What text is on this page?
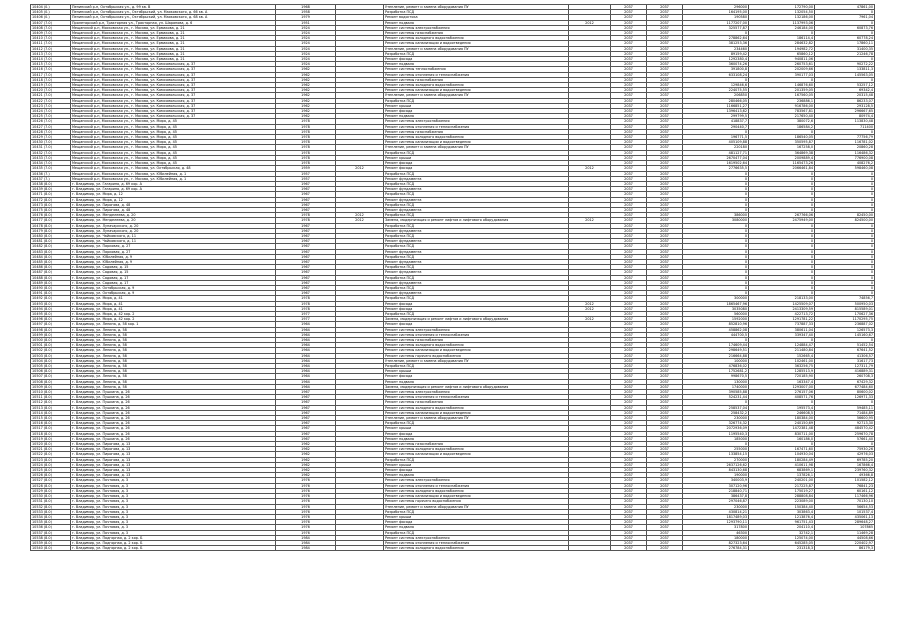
10404 (0.)	Пенинский р-н, Октябрьская ул., д. 99 кв. В	1968		Утепление, ремонт и замена оборудования ПУ		2037	2037	296000	172790,00	47861,00
10405 (0.)	Пенинский р-н, Октябрьская ул., Октябрьский, ул. Маяковского, д. 66 кв. А	1958		Разработка ПСД		2037	2037	164195,00	132054,50	0
10406 (0.)	Пенинский р-н, Октябрьская ул., Октябрьский, ул. Маяковского, д. 68 кв. А	1979		Ремонт водостока		2037	2037	190580	132186,00	7961,04
10407 (7.0)	Пролетарский р-н, Тракторная ул., Тракторная, ул. Шарапова, д. 6	1951		Ремонт подвала	2012	2037	2037	1177207,00	1137993,06	0
10408 (7.0)	Мещанский р-н, Московская ул., г. Москва, ул. Ермакова, д. 21	1924		Ремонт системы электроснабжения		2037	2037	325577,87	246184,00	60873,76
10409 (7.0)	Мещанский р-н, Московская ул., г. Москва, ул. Ермакова, д. 21	1924		Ремонт системы газоснабжения		2037	2037	0	0	0
10410 (7.0)	Мещанский р-н, Московская ул., г. Москва, ул. Ермакова, д. 21	1924		Ремонт системы холодного водоснабжения		2037	2037	278862,64	186114,4	60778,24
10411 (7.0)	Мещанский р-н, Московская ул., г. Москва, ул. Ермакова, д. 21	1924		Ремонт системы канализации и водоотведения		2037	2037	381253,36	284632,82	17860,11
10412 (7.0)	Мещанский р-н, Московская ул., г. Москва, ул. Ермакова, д. 21	1924		Утепление, ремонт и замена оборудования ПУ		2037	2037	234460	194982,72	31400,35
10413 (7.0)	Мещанский р-н, Московская ул., г. Москва, ул. Ермакова, д. 21	1924		Разработка ПСД		2037	2037	89159,42	65860,12	21246,78
10414 (7.0)	Мещанский р-н, Московская ул., г. Москва, ул. Ермакова, д. 21	1924		Ремонт фасада		2037	2037	1292380,4	940811,06	0
10415 (7.0)	Мещанский р-н, Московская ул., г. Москва, ул. Комсомольская, д. 37	1924		Ремонт подвала		2037	2037	360074,26	260753,61	90272,22
10416 (7.0)	Мещанский р-н, Московская ул., г. Москва, ул. Комсомольская, д. 37	1962		Ремонт системы теплоснабжения		2037	2037	391800,8	202009,66	133811,3
10417 (7.0)	Мещанский р-н, Московская ул., г. Москва, ул. Комсомольская, д. 37	1962		Ремонт системы отопления и теплоснабжения		2037	2037	633108,24	390177,03	145563,05
10418 (7.0)	Мещанский р-н, Московская ул., г. Москва, ул. Комсомольская, д. 37	1962		Ремонт системы газоснабжения		2037	2037	0	0	0
10419 (7.0)	Мещанский р-н, Московская ул., г. Москва, ул. Комсомольская, д. 37	1962		Ремонт системы холодного водоснабжения		2037	2037	129846,6	146876,60	53257,12
10420 (7.0)	Мещанский р-н, Московская ул., г. Москва, ул. Комсомольская, д. 37	1962		Ремонт системы канализации и водоотведения		2037	2037	224075,55	201359,05	69342,4
10421 (7.0)	Мещанский р-н, Московская ул., г. Москва, ул. Комсомольская, д. 37	1962		Утепление, ремонт и замена оборудования ПУ		2037	2037	206850	167560,05	20315,48
10422 (7.0)	Мещанский р-н, Московская ул., г. Москва, ул. Комсомольская, д. 37	1962		Разработка ПСД		2037	2037	280466,05	236886,1	86233,07
10423 (7.0)	Мещанский р-н, Московская ул., г. Москва, ул. Комсомольская, д. 37	1962		Ремонт крыши		2037	2037	1166851,27	916786,00	293128,5
10424 (7.0)	Мещанский р-н, Московская ул., г. Москва, ул. Комсомольская, д. 37	1962		Ремонт фасада		2037	2037	1396413,62	783567,81	296667,65
10425 (7.0)	Мещанский р-н, Московская ул., г. Москва, ул. Комсомольская, д. 37	1962		Ремонт подвала		2037	2037	299799,5	217650,40	80974,4
10426 (7.0)	Мещанский р-н, Московская ул., г. Москва, ул. Мира, д. 45	1978		Ремонт системы электроснабжения		2037	2037	418837,7	380072,6	113830,48
10427 (7.0)	Мещанский р-н, Московская ул., г. Москва, ул. Мира, д. 45	1978		Ремонт системы отопления и теплоснабжения		2037	2037	290440,7	186584,2	711400
10428 (7.0)	Мещанский р-н, Московская ул., г. Москва, ул. Мира, д. 45	1978		Ремонт системы газоснабжения		2037	2037	0	0	0
10429 (7.0)	Мещанский р-н, Московская ул., г. Москва, ул. Мира, д. 45	1978		Ремонт системы холодного водоснабжения		2037	2037	196771,5	186540,05	77756,79
10430 (7.0)	Мещанский р-н, Московская ул., г. Москва, ул. Мира, д. 45	1978		Ремонт системы канализации и водоотведения		2037	2037	405109,88	350595,87	116781,02
10431 (7.0)	Мещанский р-н, Московская ул., г. Москва, ул. Мира, д. 45	1978		Утепление, ремонт и замена оборудования ПУ		2037	2037	220180	167258,0	20860,28
10432 (7.0)	Мещанский р-н, Московская ул., г. Москва, ул. Мира, д. 45	1978		Разработка ПСД		2037	2037	481127,71	364869,38	116486,32
10433 (7.0)	Мещанский р-н, Московская ул., г. Москва, ул. Мира, д. 45	1978		Ремонт крыши		2037	2037	2670477,04	2009889,4	776900,08
10434 (7.0)	Мещанский р-н, Московская ул., г. Москва, ул. Мира, д. 45	1978		Ремонт фасада		2037	2037	1619502,64	1165473,26	408276,2
10435 (7.0)	Мещанский р-н, Московская ул., г. Москва, ул. Октябрьская, д. 48	1959	2012	Ремонт фасада	2012	2037	2037	2776635,5	2066461,84	598460,08
10436 (7.)	Мещанский р-н, Московская ул., г. Москва, ул. Юбилейная, д. 1	1957		Разработка ПСД		2037	2037	0	0	0
10437 (7.)	Мещанский р-н, Московская ул., г. Москва, ул. Юбилейная, д. 1	1957		Ремонт фундамента		2037	2037	0	0	0
10438 (8.0)	г. Владимир, ул. Гагарина, д. 69 кор. А	1967		Разработка ПСД		2037	2037	0	0	0
10439 (8.0)	г. Владимир, ул. Гагарина, д. 69 кор. А	1967		Ремонт фундамента		2037	2037	0	0	0
10471 (8.0)	г. Владимир, ул. Мира, д. 12	1967		Разработка ПСД		2037	2037	0	0	0
10472 (8.0)	г. Владимир, ул. Мира, д. 12	1967		Ремонт фундамента		2037	2037	0	0	0
10473 (8.0)	г. Владимир, ул. Пирогова, д. 48	1967		Разработка ПСД		2037	2037	0	0	0
10475 (8.0)	г. Владимир, ул. Пирогова, д. 48	1967		Ремонт фундамента		2037	2037	0	0	0
10476 (8.0)	г. Владимир, ул. Менделеева, д. 20	1978	2012	Разработка ПСД		2037	2037	386000	267766,06	82450,00
10477 (8.0)	г. Владимир, ул. Менделеева, д. 20	1978	2012	Замена, модернизация и ремонт лифтов и лифтового оборудования	2012	2037	2037	3080000	2475949,00	824500,00
10478 (8.0)	г. Владимир, ул. Луначарского, д. 20	1967		Разработка ПСД		2037	2037	0	0	0
10479 (8.0)	г. Владимир, ул. Луначарского, д. 20	1967		Ремонт фундамента		2037	2037	0	0	0
10480 (8.0)	г. Владимир, ул. Чайковского, д. 11	1967		Разработка ПСД		2037	2037	0	0	0
10481 (8.0)	г. Владимир, ул. Чайковского, д. 11	1967		Ремонт фундамента		2037	2037	0	0	0
10482 (8.0)	г. Владимир, ул. Парковая, д. 27	1967		Разработка ПСД		2037	2037	0	0	0
10483 (8.0)	г. Владимир, ул. Парковая, д. 27	1967		Ремонт фундамента		2037	2037	0	0	0
10484 (8.0)	г. Владимир, ул. Юбилейная, д. 9	1967		Разработка ПСД		2037	2037	0	0	0
10485 (8.0)	г. Владимир, ул. Юбилейная, д. 9	1967		Ремонт фундамента		2037	2037	0	0	0
10486 (8.0)	г. Владимир, ул. Садовая, д. 15	1967		Разработка ПСД		2037	2037	0	0	0
10487 (8.0)	г. Владимир, ул. Садовая, д. 15	1967		Ремонт фундамента		2037	2037	0	0	0
10488 (8.0)	г. Владимир, ул. Садовая, д. 17	1967		Разработка ПСД		2037	2037	0	0	0
10489 (8.0)	г. Владимир, ул. Садовая, д. 17	1967		Ремонт фундамента		2037	2037	0	0	0
10490 (8.0)	г. Владимир, ул. Октябрьская, д. 9	1967		Разработка ПСД		2037	2037	0	0	0
10491 (8.0)	г. Владимир, ул. Октябрьская, д. 9	1967		Ремонт фундамента		2037	2037	0	0	0
10492 (8.0)	г. Владимир, ул. Мира, д. 41	1978		Разработка ПСД		2037	2037	300000	218133,00	74856,7
10493 (8.0)	г. Владимир, ул. Мира, д. 41	1978		Ремонт фасада	2012	2037	2037	1865467,96	1425509,07	500950,03
10494 (8.0)	г. Владимир, ул. Мира, д. 41	1978		Ремонт фасада	2012	2037	2037	3035080	2413309,59	815589,01
10495 (8.0)	г. Владимир, ул. Мира, д. 42 кор. 2	1977		Разработка ПСД		2037	2037	560000	422713,72	170627,36
10496 (8.0)	г. Владимир, ул. Мира, д. 42 кор. 2	1977		Замена, модернизация и ремонт лифтов и лифтового оборудования	2012	2037	2037	1592000	1291781,22	1170295,75
10497 (8.0)	г. Владимир, ул. Ленина, д. 58 кор. 1	1964		Ремонт фасада		2037	2037	852810,96	737887,33	236887,02
10498 (8.0)	г. Владимир, ул. Ленина, д. 58	1964		Ремонт системы электроснабжения		2037	2037	458862,08	380611,04	126573,3
10499 (8.0)	г. Владимир, ул. Ленина, д. 58	1964		Ремонт системы отопления и теплоснабжения		2037	2037	444700,5	339347,40	145160,67
10500 (8.0)	г. Владимир, ул. Ленина, д. 58	1964		Ремонт системы газоснабжения		2037	2037	0	0	0
10501 (8.0)	г. Владимир, ул. Ленина, д. 58	1964		Ремонт системы холодного водоснабжения		2037	2037	174609,44	124884,47	51452,54
10502 (8.0)	г. Владимир, ул. Ленина, д. 58	1964		Ремонт системы канализации и водоотведения		2037	2037	298649,51	211480,84	67641,52
10503 (8.0)	г. Владимир, ул. Ленина, д. 58	1964		Ремонт системы горячего водоснабжения		2037	2037	216664,88	152665,4	41306,57
10504 (8.0)	г. Владимир, ул. Ленина, д. 58	1964		Утепление, ремонт и замена оборудования ПУ		2037	2037	100000	102461,00	31617,73
10505 (8.0)	г. Владимир, ул. Ленина, д. 58	1964		Разработка ПСД		2037	2037	476836,02	363256,75	127311,79
10506 (8.0)	г. Владимир, ул. Ленина, д. 58	1964		Ремонт крыши		2037	2037	1752681,2	1285513,9	416889,31
10507 (8.0)	г. Владимир, ул. Ленина, д. 58	1964		Ремонт фасада		2037	2037	998670,5	720185,90	260708,3
10508 (8.0)	г. Владимир, ул. Ленина, д. 58	1964		Ремонт подвала		2037	2037	130000	163347,4	67429,32
10509 (8.0)	г. Владимир, ул. Ленина, д. 58	1964		Замена, модернизация и ремонт лифтов и лифтового оборудования		2037	2037	1740000	1293007,00	677484,60
10510 (8.0)	г. Владимир, ул. Пушкина, д. 26	1967		Ремонт системы электроснабжения		2037	2037	390585,88	276157,06	80600,02
10511 (8.0)	г. Владимир, ул. Пушкина, д. 26	1967		Ремонт системы отопления и теплоснабжения		2037	2037	524231,44	408571,76	126971,33
10512 (8.0)	г. Владимир, ул. Пушкина, д. 26	1967		Ремонт системы газоснабжения		2037	2037	0	0	0
10513 (8.0)	г. Владимир, ул. Пушкина, д. 26	1967		Ремонт системы холодного водоснабжения		2037	2037	258537,04	195573,4	59485,11
10514 (8.0)	г. Владимир, ул. Пушкина, д. 26	1967		Ремонт системы канализации и водоотведения		2037	2037	258432,2	246608,5	71484,89
10515 (8.0)	г. Владимир, ул. Пушкина, д. 26	1967		Утепление, ремонт и замена оборудования ПУ		2037	2037	230000	180384,00	56600,95
10516 (8.0)	г. Владимир, ул. Пушкина, д. 26	1967		Разработка ПСД		2037	2037	326774,32	240150,69	92713,30
10517 (8.0)	г. Владимир, ул. Пушкина, д. 26	1967		Ремонт крыши		2037	2037	2072936,09	1472381,48	484570,42
10518 (8.0)	г. Владимир, ул. Пушкина, д. 26	1967		Ремонт фасада		2037	2037	1195540,3	830711,00	259670,78
10519 (8.0)	г. Владимир, ул. Пушкина, д. 26	1967		Ремонт подвала		2037	2037	185000	160186,0	57661,40
10520 (8.0)	г. Владимир, ул. Пирогова, д. 13	1962		Ремонт системы газоснабжения		2037	2037	0	0	0
10521 (8.0)	г. Владимир, ул. Пирогова, д. 13	1962		Ремонт системы холодного водоснабжения		2037	2037	255000	167471,60	75930,26
10522 (8.0)	г. Владимир, ул. Пирогова, д. 13	1962		Ремонт системы канализации и водоотведения		2037	2037	133854,15	104930,04	42976,03
10523 (8.0)	г. Владимир, ул. Пирогова, д. 13	1962		Разработка ПСД		2037	2037	270000	180284,49	69785,20
10524 (8.0)	г. Владимир, ул. Пирогова, д. 13	1962		Ремонт крыши		2037	2037	2637126,62	410611,98	167866,4
10525 (8.0)	г. Владимир, ул. Пирогова, д. 13	1962		Ремонт фасада		2037	2037	843130,68	683869,1	239760,32
10526 (8.0)	г. Владимир, ул. Пирогова, д. 13	1962		Ремонт подвала		2037	2037	190000	137826,1	49366,8
10527 (8.0)	г. Владимир, ул. Почтовая, д. 3	1976		Ремонт системы электроснабжения		2037	2037	340003,9	240201,00	101582,12
10528 (8.0)	г. Владимир, ул. Почтовая, д. 3	1976		Ремонт системы отопления и теплоснабжения		2037	2037	307120,96	217225,87	76841,23
10529 (8.0)	г. Владимир, ул. Почтовая, д. 3	1976		Ремонт системы холодного водоснабжения		2037	2037	218840,71	175019,27	60161,12
10530 (8.0)	г. Владимир, ул. Почтовая, д. 3	1976		Ремонт системы канализации и водоотведения		2037	2037	386437,8	288808,84	117466,96
10531 (8.0)	г. Владимир, ул. Почтовая, д. 3	1976		Ремонт системы горячего водоснабжения		2037	2037	297046,87	223089,00	70130,10
10532 (8.0)	г. Владимир, ул. Почтовая, д. 3	1976		Утепление, ремонт и замена оборудования ПУ		2037	2037	230000	150384,40	56654,53
10533 (8.0)	г. Владимир, ул. Почтовая, д. 3	1976		Разработка ПСД		2037	2037	430814,21	303863,4	101537,4
10534 (8.0)	г. Владимир, ул. Почтовая, д. 3	1976		Ремонт крыши		2037	2037	1817489,03	1213876,4	435061,13
10535 (8.0)	г. Владимир, ул. Почтовая, д. 3	1976		Ремонт фасада		2037	2037	1293790,11	961751,43	289648,27
10536 (8.0)	г. Владимир, ул. Почтовая, д. 3	1976		Ремонт подвала		2037	2037	317800	204110,4	107865
10537 (8.0)	г. Владимир, ул. Почтовая, д. 3	1976		Разработка ПСД		2037	2037	46300	32742,1	11469,28
10538 (8.0)	г. Владимир, ул. Подгорная, д. 2 кор. Б	1984		Ремонт системы электроснабжения		2037	2037	180000	125074,00	44508,66
10539 (8.0)	г. Владимир, ул. Подгорная, д. 2 кор. Б	1984		Ремонт системы отопления и теплоснабжения		2037	2037	827323,64	645285,05	220402,97
10540 (8.0)	г. Владимир, ул. Подгорная, д. 2 кор. Б	1984		Ремонт системы холодного водоснабжения		2037	2037	276784,31	231318,3	86179,3
